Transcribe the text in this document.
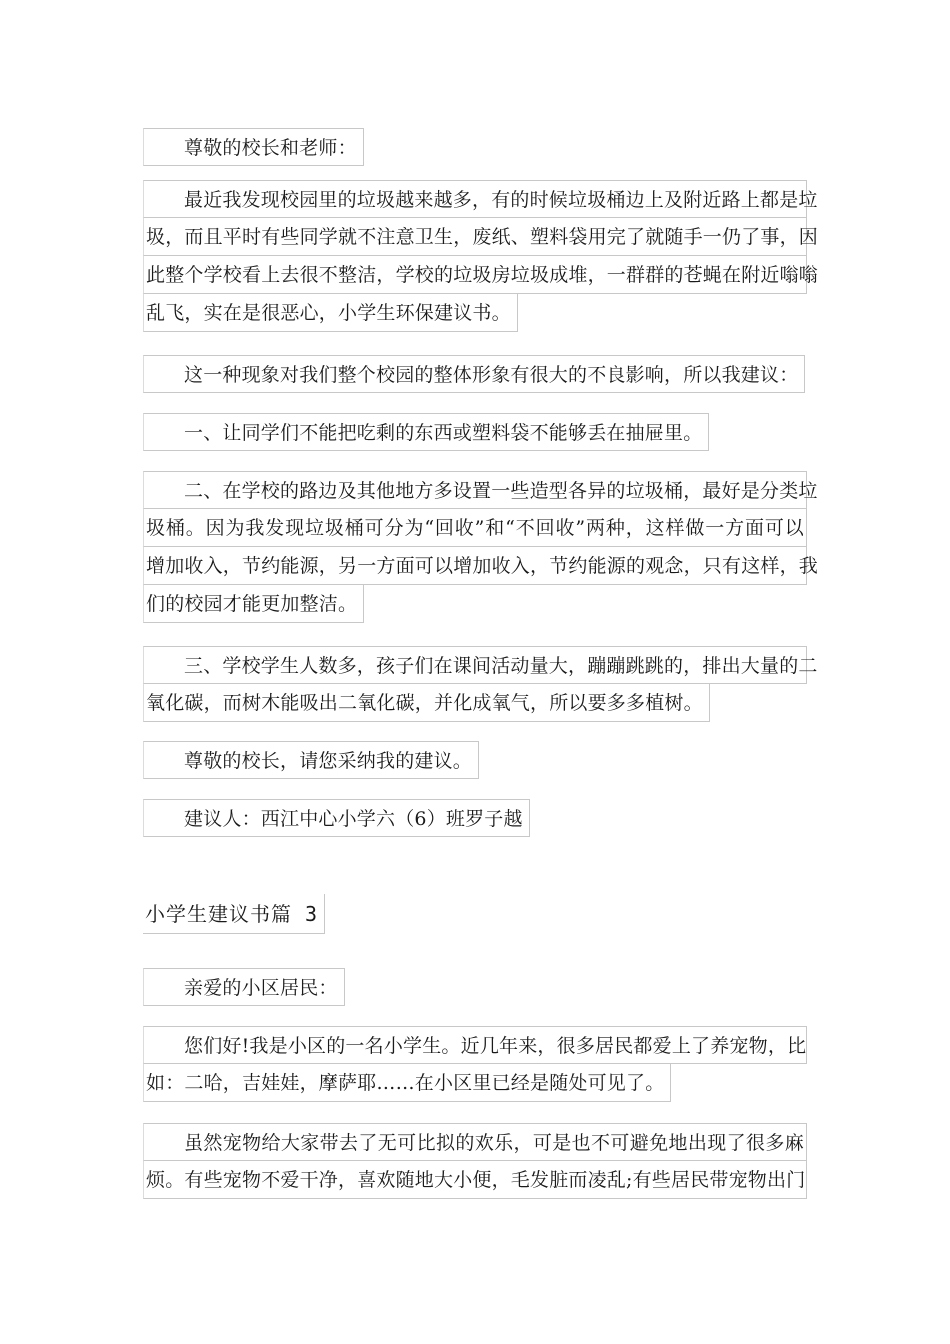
尊敬的校长和老师：
最近我发现校园里的垃圾越来越多，有的时候垃圾桶边上及附近路上都是垃
圾，而且平时有些同学就不注意卫生，废纸、塑料袋用完了就随手一仍了事，因
此整个学校看上去很不整洁，学校的垃圾房垃圾成堆，一群群的苍蝇在附近嗡嗡
乱飞，实在是很恶心，小学生环保建议书。
这一种现象对我们整个校园的整体形象有很大的不良影响，所以我建议：
一、让同学们不能把吃剩的东西或塑料袋不能够丢在抽屉里。
二、在学校的路边及其他地方多设置一些造型各异的垃圾桶，最好是分类垃
圾桶。因为我发现垃圾桶可分为“回收”和“不回收”两种，这样做一方面可以
增加收入，节约能源，另一方面可以增加收入，节约能源的观念，只有这样，我
们的校园才能更加整洁。
三、学校学生人数多，孩子们在课间活动量大，蹦蹦跳跳的，排出大量的二
氧化碳，而树木能吸出二氧化碳，并化成氧气，所以要多多植树。
尊敬的校长，请您采纳我的建议。
建议人：西江中心小学六（6）班罗子越
小学生建议书篇 3
亲爱的小区居民：
您们好!我是小区的一名小学生。近几年来，很多居民都爱上了养宠物，比
如：二哈，吉娃娃，摩萨耶……在小区里已经是随处可见了。
虽然宠物给大家带去了无可比拟的欢乐，可是也不可避免地出现了很多麻
烦。有些宠物不爱干净，喜欢随地大小便，毛发脏而凌乱;有些居民带宠物出门
